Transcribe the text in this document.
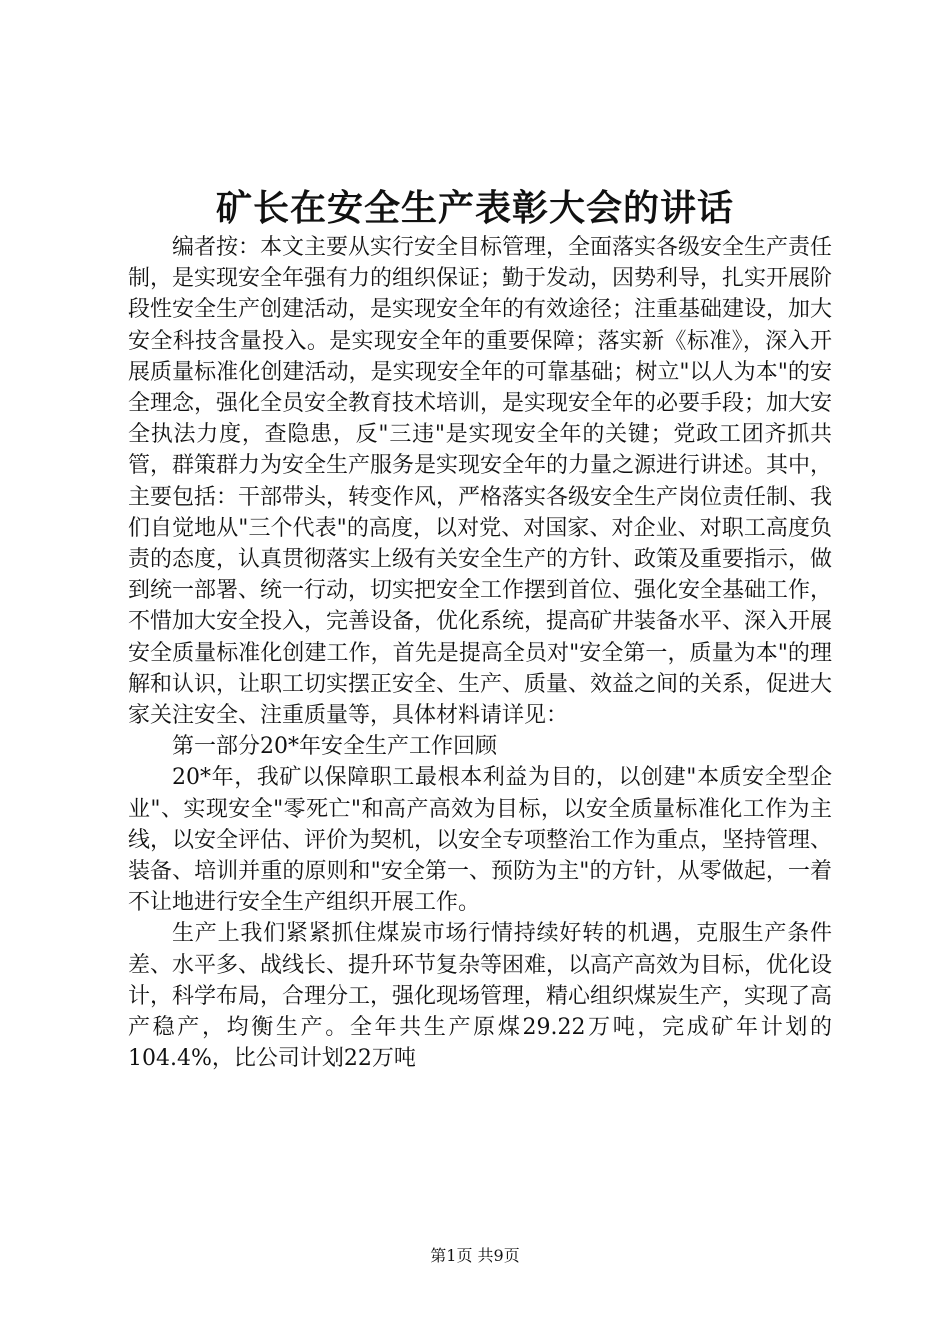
矿长在安全生产表彰大会的讲话

编者按：本文主要从实行安全目标管理，全面落实各级安全生产责任制，是实现安全年强有力的组织保证；勤于发动，因势利导，扎实开展阶段性安全生产创建活动，是实现安全年的有效途径；注重基础建设，加大安全科技含量投入。是实现安全年的重要保障；落实新《标准》，深入开展质量标准化创建活动，是实现安全年的可靠基础；树立"以人为本"的安全理念，强化全员安全教育技术培训，是实现安全年的必要手段；加大安全执法力度，查隐患，反"三违"是实现安全年的关键；党政工团齐抓共管，群策群力为安全生产服务是实现安全年的力量之源进行讲述。其中，主要包括：干部带头，转变作风，严格落实各级安全生产岗位责任制、我们自觉地从"三个代表"的高度，以对党、对国家、对企业、对职工高度负责的态度，认真贯彻落实上级有关安全生产的方针、政策及重要指示，做到统一部署、统一行动，切实把安全工作摆到首位、强化安全基础工作，不惜加大安全投入，完善设备，优化系统，提高矿井装备水平、深入开展安全质量标准化创建工作，首先是提高全员对"安全第一，质量为本"的理解和认识，让职工切实摆正安全、生产、质量、效益之间的关系，促进大家关注安全、注重质量等，具体材料请详见：

第一部分20*年安全生产工作回顾

20*年，我矿以保障职工最根本利益为目的，以创建"本质安全型企业"、实现安全"零死亡"和高产高效为目标，以安全质量标准化工作为主线，以安全评估、评价为契机，以安全专项整治工作为重点，坚持管理、装备、培训并重的原则和"安全第一、预防为主"的方针，从零做起，一着不让地进行安全生产组织开展工作。

生产上我们紧紧抓住煤炭市场行情持续好转的机遇，克服生产条件差、水平多、战线长、提升环节复杂等困难，以高产高效为目标，优化设计，科学布局，合理分工，强化现场管理，精心组织煤炭生产，实现了高产稳产，均衡生产。全年共生产原煤29.22万吨，完成矿年计划的104.4%，比公司计划22万吨

第1页 共9页
